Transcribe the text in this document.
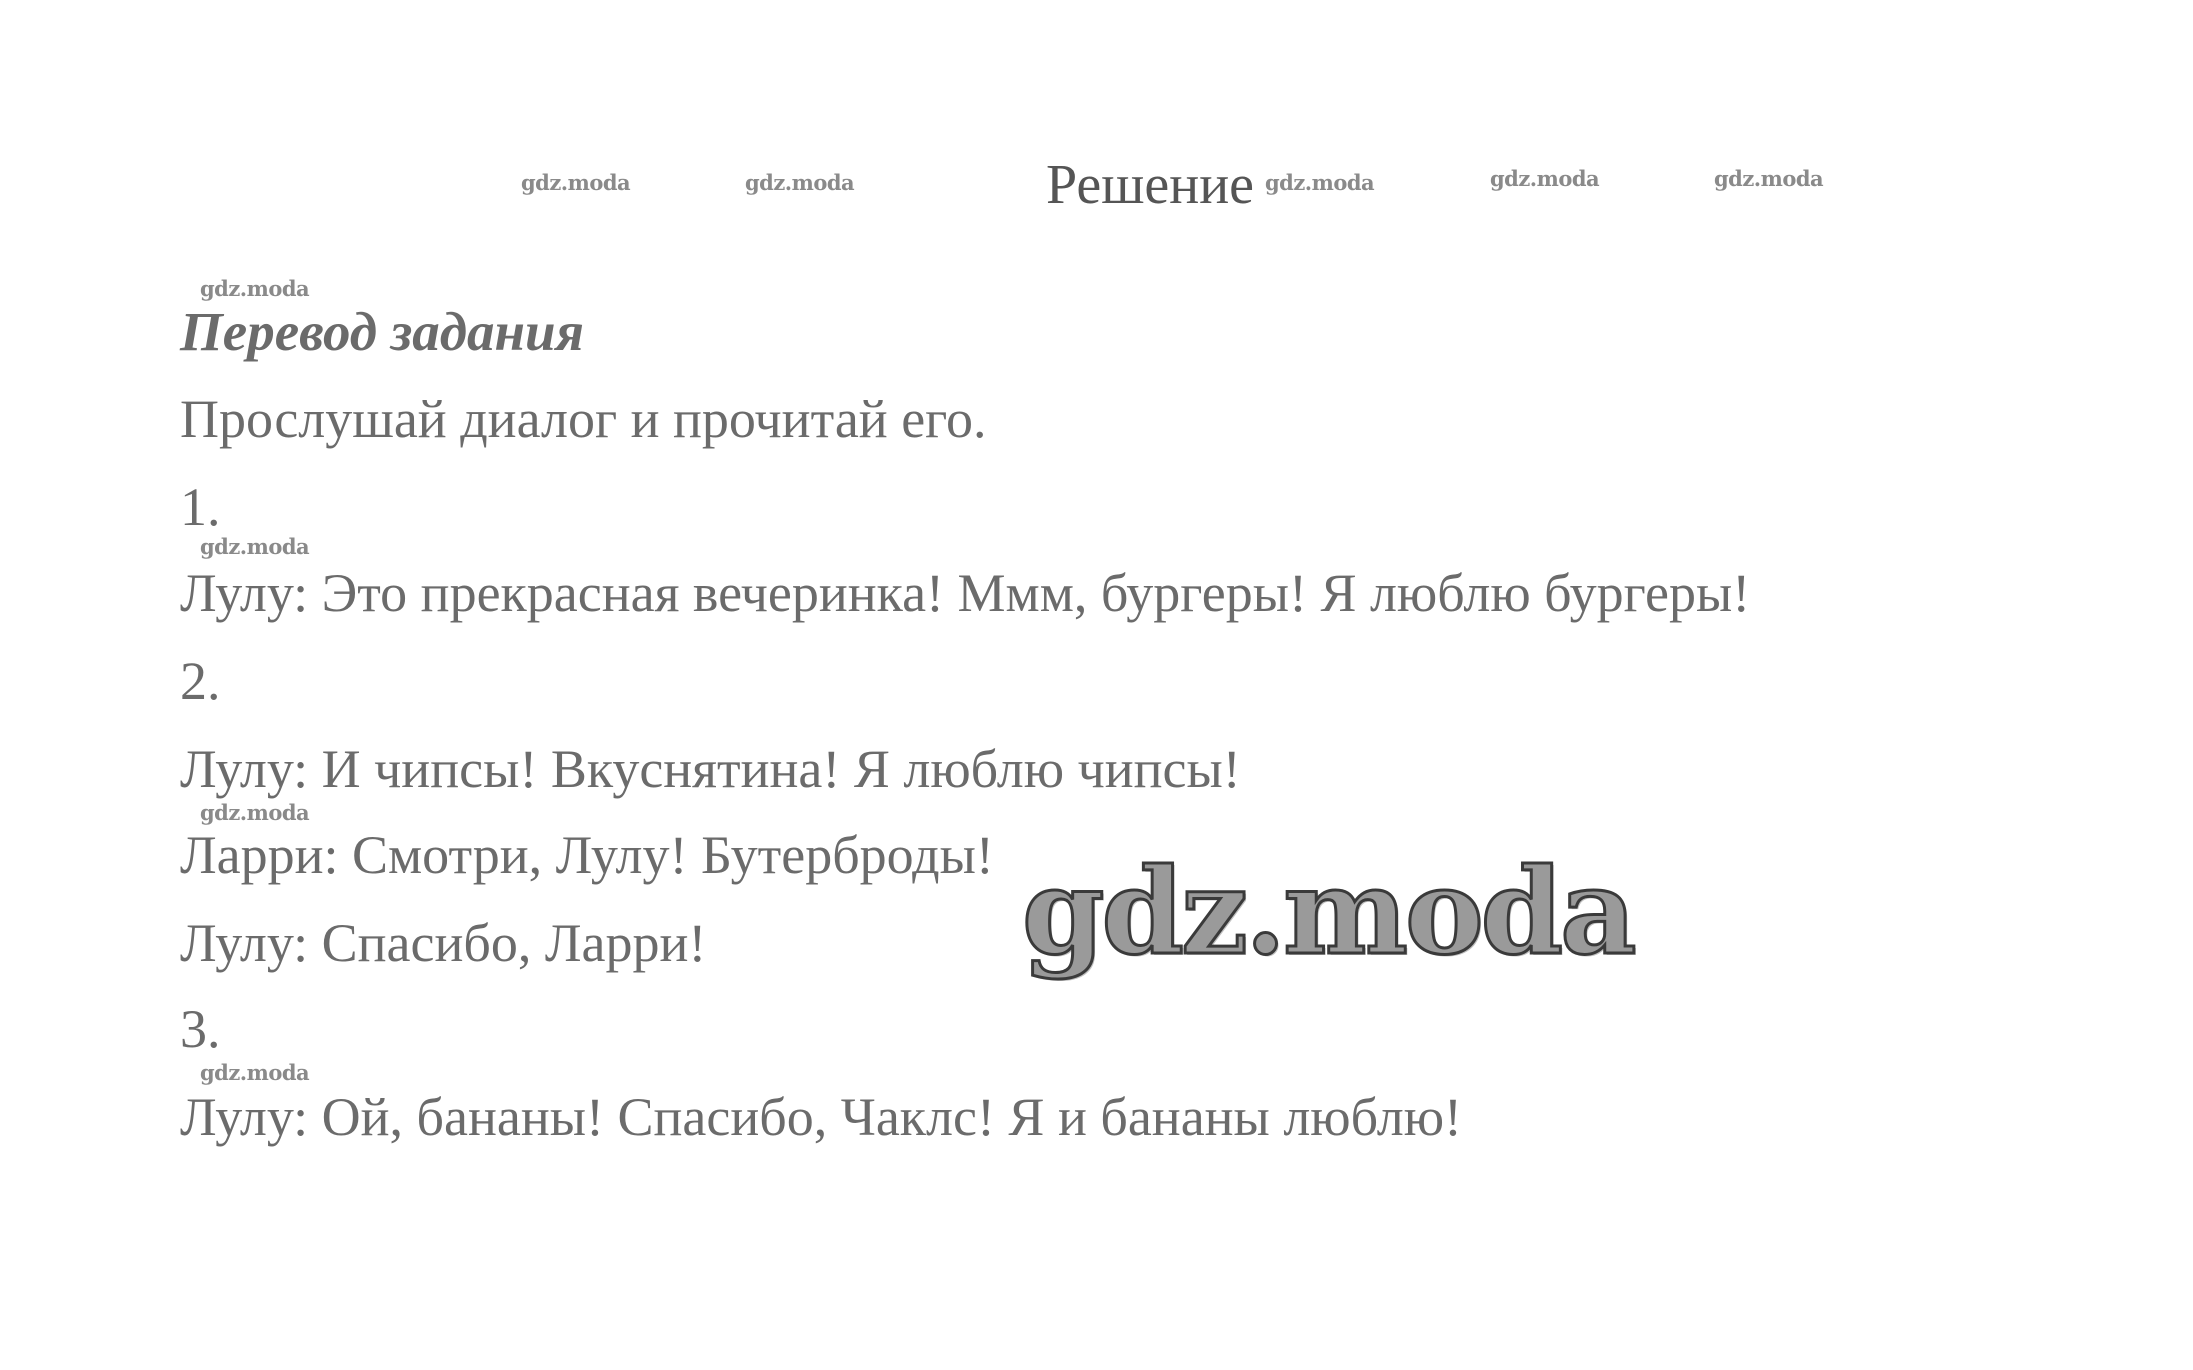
gdz.moda	gdz.moda	gdz.moda	gdz.moda	gdz.moda
gdz.moda
gdz.moda
gdz.moda
gdz.moda
Решение
Перевод задания
Прослушай диалог и прочитай его.
1.
Лулу: Это прекрасная вечеринка! Ммм, бургеры! Я люблю бургеры!
2.
Лулу: И чипсы! Вкуснятина! Я люблю чипсы!
Ларри: Смотри, Лулу! Бутерброды!
Лулу: Спасибо, Ларри!
3.
Лулу: Ой, бананы! Спасибо, Чаклс! Я и бананы люблю!
gdz.moda
